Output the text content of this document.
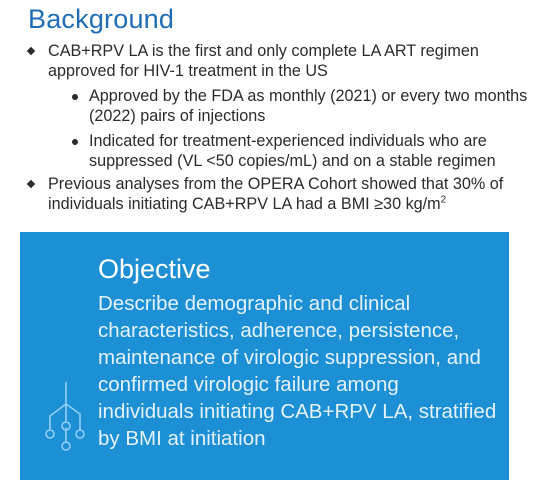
Background
CAB+RPV LA is the first and only complete LA ART regimen approved for HIV-1 treatment in the US
Approved by the FDA as monthly (2021) or every two months (2022) pairs of injections
Indicated for treatment-experienced individuals who are suppressed (VL <50 copies/mL) and on a stable regimen
Previous analyses from the OPERA Cohort showed that 30% of individuals initiating CAB+RPV LA had a BMI ≥30 $kg/m^2$
Objective

Describe demographic and clinical characteristics, adherence, persistence, maintenance of virologic suppression, and confirmed virologic failure among individuals initiating CAB+RPV LA, stratified by BMI at initiation
